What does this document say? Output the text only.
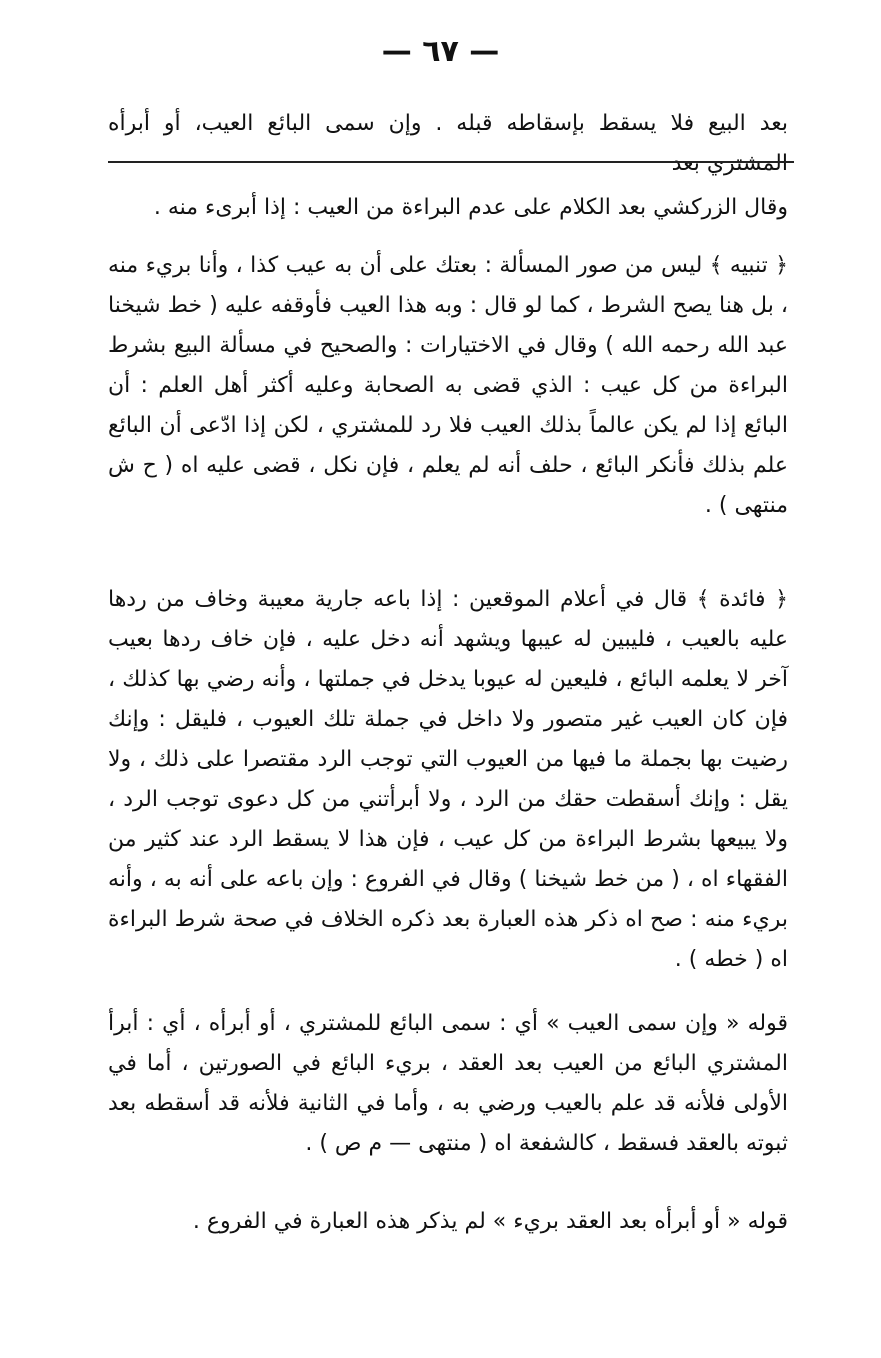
— ٦٧ —

بعد البيع فلا يسقط بإسقاطه قبله . وإن سمى البائع العيب، أو أبرأه المشتري بعد

وقال الزركشي بعد الكلام على عدم البراءة من العيب : إذا أبرىء منه .

﴿ تنبيه ﴾ ليس من صور المسألة : بعتك على أن به عيب كذا ، وأنا بريء منه ، بل هنا يصح الشرط ، كما لو قال : وبه هذا العيب فأوقفه عليه ( خط شيخنا عبد الله رحمه الله ) وقال في الاختيارات : والصحيح في مسألة البيع بشرط البراءة من كل عيب : الذي قضى به الصحابة وعليه أكثر أهل العلم : أن البائع إذا لم يكن عالماً بذلك العيب فلا رد للمشتري ، لكن إذا ادّعى أن البائع علم بذلك فأنكر البائع ، حلف أنه لم يعلم ، فإن نكل ، قضى عليه اه ( ح ش منتهى ) .

﴿ فائدة ﴾ قال في أعلام الموقعين : إذا باعه جارية معيبة وخاف من ردها عليه بالعيب ، فليبين له عيبها ويشهد أنه دخل عليه ، فإن خاف ردها بعيب آخر لا يعلمه البائع ، فليعين له عيوبا يدخل في جملتها ، وأنه رضي بها كذلك ، فإن كان العيب غير متصور ولا داخل في جملة تلك العيوب ، فليقل : وإنك رضيت بها بجملة ما فيها من العيوب التي توجب الرد مقتصرا على ذلك ، ولا يقل : وإنك أسقطت حقك من الرد ، ولا أبرأتني من كل دعوى توجب الرد ، ولا يبيعها بشرط البراءة من كل عيب ، فإن هذا لا يسقط الرد عند كثير من الفقهاء اه ، ( من خط شيخنا ) وقال في الفروع : وإن باعه على أنه به ، وأنه بريء منه : صح اه ذكر هذه العبارة بعد ذكره الخلاف في صحة شرط البراءة اه ( خطه ) .

قوله « وإن سمى العيب » أي : سمى البائع للمشتري ، أو أبرأه ، أي : أبرأ المشتري البائع من العيب بعد العقد ، بريء البائع في الصورتين ، أما في الأولى فلأنه قد علم بالعيب ورضي به ، وأما في الثانية فلأنه قد أسقطه بعد ثبوته بالعقد فسقط ، كالشفعة اه ( منتهى — م ص ) .

قوله « أو أبرأه بعد العقد بريء » لم يذكر هذه العبارة في الفروع .
